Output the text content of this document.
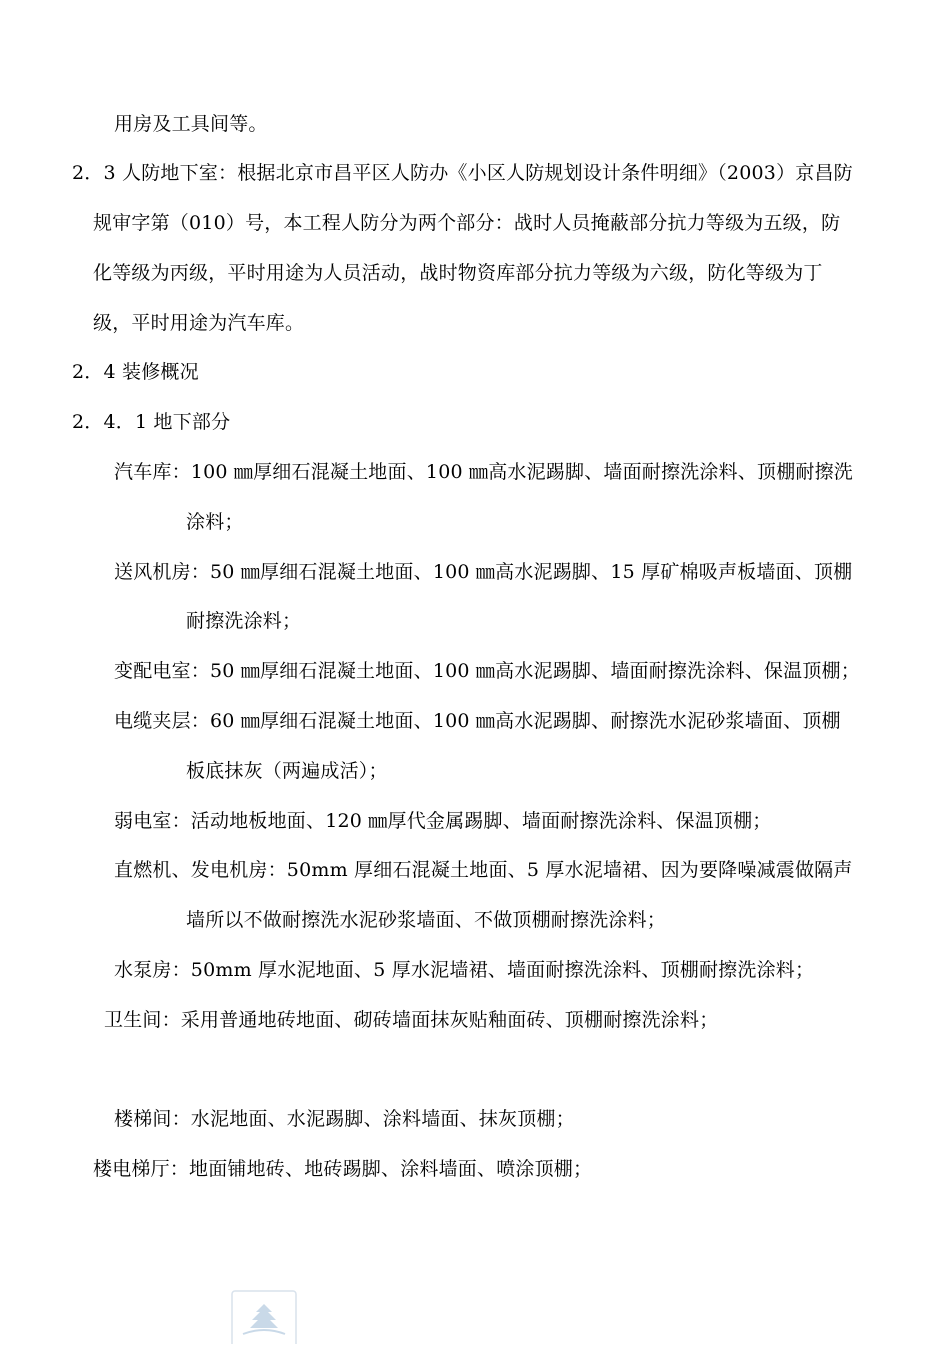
用房及工具间等。
2．3 人防地下室：根据北京市昌平区人防办《小区人防规划设计条件明细》（2003）京昌防
规审字第（010）号，本工程人防分为两个部分：战时人员掩蔽部分抗力等级为五级，防
化等级为丙级，平时用途为人员活动，战时物资库部分抗力等级为六级，防化等级为丁
级，平时用途为汽车库。
2．4 装修概况
2．4．1 地下部分
汽车库：100 ㎜厚细石混凝土地面、100 ㎜高水泥踢脚、墙面耐擦洗涂料、顶棚耐擦洗
涂料；
送风机房：50 ㎜厚细石混凝土地面、100 ㎜高水泥踢脚、15 厚矿棉吸声板墙面、顶棚
耐擦洗涂料；
变配电室：50 ㎜厚细石混凝土地面、100 ㎜高水泥踢脚、墙面耐擦洗涂料、保温顶棚；
电缆夹层：60 ㎜厚细石混凝土地面、100 ㎜高水泥踢脚、耐擦洗水泥砂浆墙面、顶棚
板底抹灰（两遍成活）；
弱电室：活动地板地面、120 ㎜厚代金属踢脚、墙面耐擦洗涂料、保温顶棚；
直燃机、发电机房：50mm 厚细石混凝土地面、5 厚水泥墙裙、因为要降噪减震做隔声
墙所以不做耐擦洗水泥砂浆墙面、不做顶棚耐擦洗涂料；
水泵房：50mm 厚水泥地面、5 厚水泥墙裙、墙面耐擦洗涂料、顶棚耐擦洗涂料；
卫生间：采用普通地砖地面、砌砖墙面抹灰贴釉面砖、顶棚耐擦洗涂料；
楼梯间：水泥地面、水泥踢脚、涂料墙面、抹灰顶棚；
楼电梯厅：地面铺地砖、地砖踢脚、涂料墙面、喷涂顶棚；
